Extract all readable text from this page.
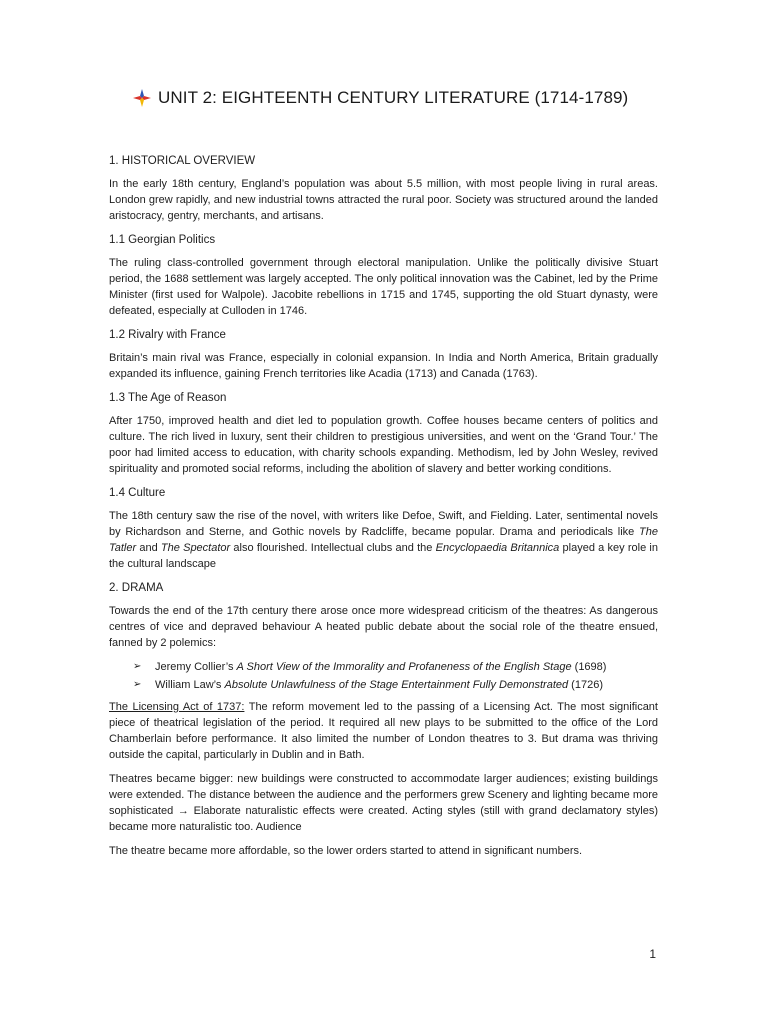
UNIT 2: EIGHTEENTH CENTURY LITERATURE (1714-1789)
1. HISTORICAL OVERVIEW

In the early 18th century, England’s population was about 5.5 million, with most people living in rural areas. London grew rapidly, and new industrial towns attracted the rural poor. Society was structured around the landed aristocracy, gentry, merchants, and artisans.

1.1 Georgian Politics

The ruling class-controlled government through electoral manipulation. Unlike the politically divisive Stuart period, the 1688 settlement was largely accepted. The only political innovation was the Cabinet, led by the Prime Minister (first used for Walpole). Jacobite rebellions in 1715 and 1745, supporting the old Stuart dynasty, were defeated, especially at Culloden in 1746.

1.2 Rivalry with France

Britain’s main rival was France, especially in colonial expansion. In India and North America, Britain gradually expanded its influence, gaining French territories like Acadia (1713) and Canada (1763).

1.3 The Age of Reason

After 1750, improved health and diet led to population growth. Coffee houses became centers of politics and culture. The rich lived in luxury, sent their children to prestigious universities, and went on the ‘Grand Tour.’ The poor had limited access to education, with charity schools expanding. Methodism, led by John Wesley, revived spirituality and promoted social reforms, including the abolition of slavery and better working conditions.

1.4 Culture

The 18th century saw the rise of the novel, with writers like Defoe, Swift, and Fielding. Later, sentimental novels by Richardson and Sterne, and Gothic novels by Radcliffe, became popular. Drama and periodicals like The Tatler and The Spectator also flourished. Intellectual clubs and the Encyclopaedia Britannica played a key role in the cultural landscape

2. DRAMA

Towards the end of the 17th century there arose once more widespread criticism of the theatres: As dangerous centres of vice and depraved behaviour A heated public debate about the social role of the theatre ensued, fanned by 2 polemics:

➢ Jeremy Collier’s A Short View of the Immorality and Profaneness of the English Stage (1698)
➢ William Law’s Absolute Unlawfulness of the Stage Entertainment Fully Demonstrated (1726)

The Licensing Act of 1737: The reform movement led to the passing of a Licensing Act. The most significant piece of theatrical legislation of the period. It required all new plays to be submitted to the office of the Lord Chamberlain before performance. It also limited the number of London theatres to 3. But drama was thriving outside the capital, particularly in Dublin and in Bath.

Theatres became bigger: new buildings were constructed to accommodate larger audiences; existing buildings were extended. The distance between the audience and the performers grew Scenery and lighting became more sophisticated → Elaborate naturalistic effects were created. Acting styles (still with grand declamatory styles) became more naturalistic too. Audience

The theatre became more affordable, so the lower orders started to attend in significant numbers.

1
